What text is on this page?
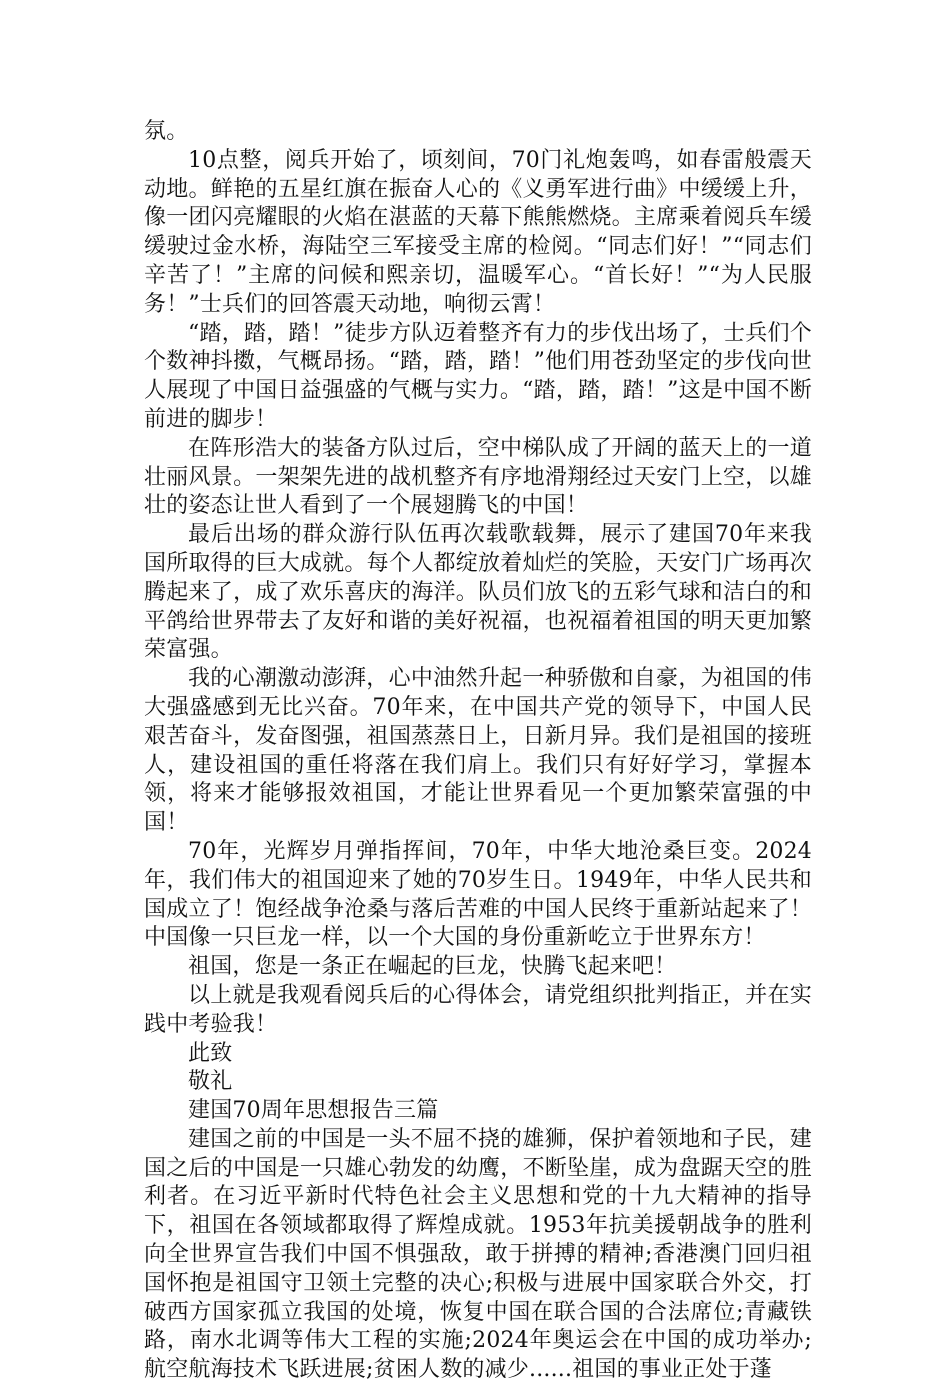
氛。

10点整，阅兵开始了，顷刻间，70门礼炮轰鸣，如春雷般震天动地。鲜艳的五星红旗在振奋人心的《义勇军进行曲》中缓缓上升，像一团闪亮耀眼的火焰在湛蓝的天幕下熊熊燃烧。主席乘着阅兵车缓缓驶过金水桥，海陆空三军接受主席的检阅。“同志们好！”“同志们辛苦了！”主席的问候和熙亲切，温暖军心。“首长好！”“为人民服务！”士兵们的回答震天动地，响彻云霄！

“踏，踏，踏！”徒步方队迈着整齐有力的步伐出场了，士兵们个个数神抖擞，气概昂扬。“踏，踏，踏！”他们用苍劲坚定的步伐向世人展现了中国日益强盛的气概与实力。“踏，踏，踏！”这是中国不断前进的脚步！

在阵形浩大的装备方队过后，空中梯队成了开阔的蓝天上的一道壮丽风景。一架架先进的战机整齐有序地滑翔经过天安门上空，以雄壮的姿态让世人看到了一个展翅腾飞的中国！

最后出场的群众游行队伍再次载歌载舞，展示了建国70年来我国所取得的巨大成就。每个人都绽放着灿烂的笑脸，天安门广场再次腾起来了，成了欢乐喜庆的海洋。队员们放飞的五彩气球和洁白的和平鸽给世界带去了友好和谐的美好祝福，也祝福着祖国的明天更加繁荣富强。

我的心潮激动澎湃，心中油然升起一种骄傲和自豪，为祖国的伟大强盛感到无比兴奋。70年来，在中国共产党的领导下，中国人民艰苦奋斗，发奋图强，祖国蒸蒸日上，日新月异。我们是祖国的接班人，建设祖国的重任将落在我们肩上。我们只有好好学习，掌握本领，将来才能够报效祖国，才能让世界看见一个更加繁荣富强的中国！

70年，光辉岁月弹指挥间，70年，中华大地沧桑巨变。2024年，我们伟大的祖国迎来了她的70岁生日。1949年，中华人民共和国成立了！饱经战争沧桑与落后苦难的中国人民终于重新站起来了！中国像一只巨龙一样，以一个大国的身份重新屹立于世界东方！

祖国，您是一条正在崛起的巨龙，快腾飞起来吧！

以上就是我观看阅兵后的心得体会，请党组织批判指正，并在实践中考验我！

此致

敬礼

建国70周年思想报告三篇

建国之前的中国是一头不屈不挠的雄狮，保护着领地和子民，建国之后的中国是一只雄心勃发的幼鹰，不断坠崖，成为盘踞天空的胜利者。在习近平新时代特色社会主义思想和党的十九大精神的指导下，祖国在各领域都取得了辉煌成就。1953年抗美援朝战争的胜利向全世界宣告我们中国不惧强敌，敢于拼搏的精神;香港澳门回归祖国怀抱是祖国守卫领土完整的决心;积极与进展中国家联合外交，打破西方国家孤立我国的处境，恢复中国在联合国的合法席位;青藏铁路，南水北调等伟大工程的实施;2024年奥运会在中国的成功举办;航空航海技术飞跃进展;贫困人数的减少......祖国的事业正处于蓬
